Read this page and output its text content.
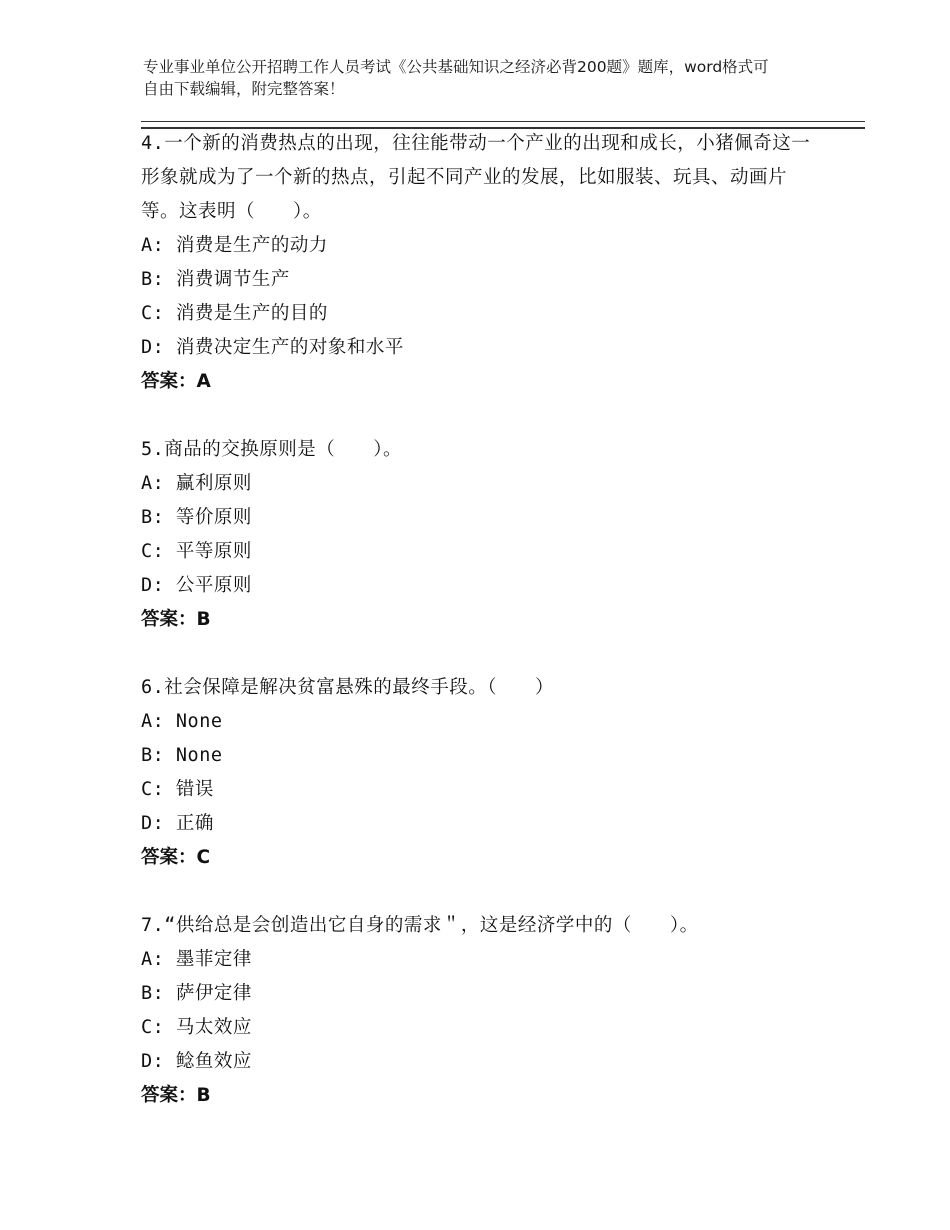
专业事业单位公开招聘工作人员考试《公共基础知识之经济必背200题》题库，word格式可自由下载编辑，附完整答案！
4.一个新的消费热点的出现，往往能带动一个产业的出现和成长，小猪佩奇这一形象就成为了一个新的热点，引起不同产业的发展，比如服装、玩具、动画片等。这表明（　　）。
A: 消费是生产的动力
B: 消费调节生产
C: 消费是生产的目的
D: 消费决定生产的对象和水平
答案：A
5.商品的交换原则是（　　）。
A: 赢利原则
B: 等价原则
C: 平等原则
D: 公平原则
答案：B
6.社会保障是解决贫富悬殊的最终手段。（　　）
A: None
B: None
C: 错误
D: 正确
答案：C
7.“供给总是会创造出它自身的需求＂，这是经济学中的（　　）。
A: 墨菲定律
B: 萨伊定律
C: 马太效应
D: 鲶鱼效应
答案：B
